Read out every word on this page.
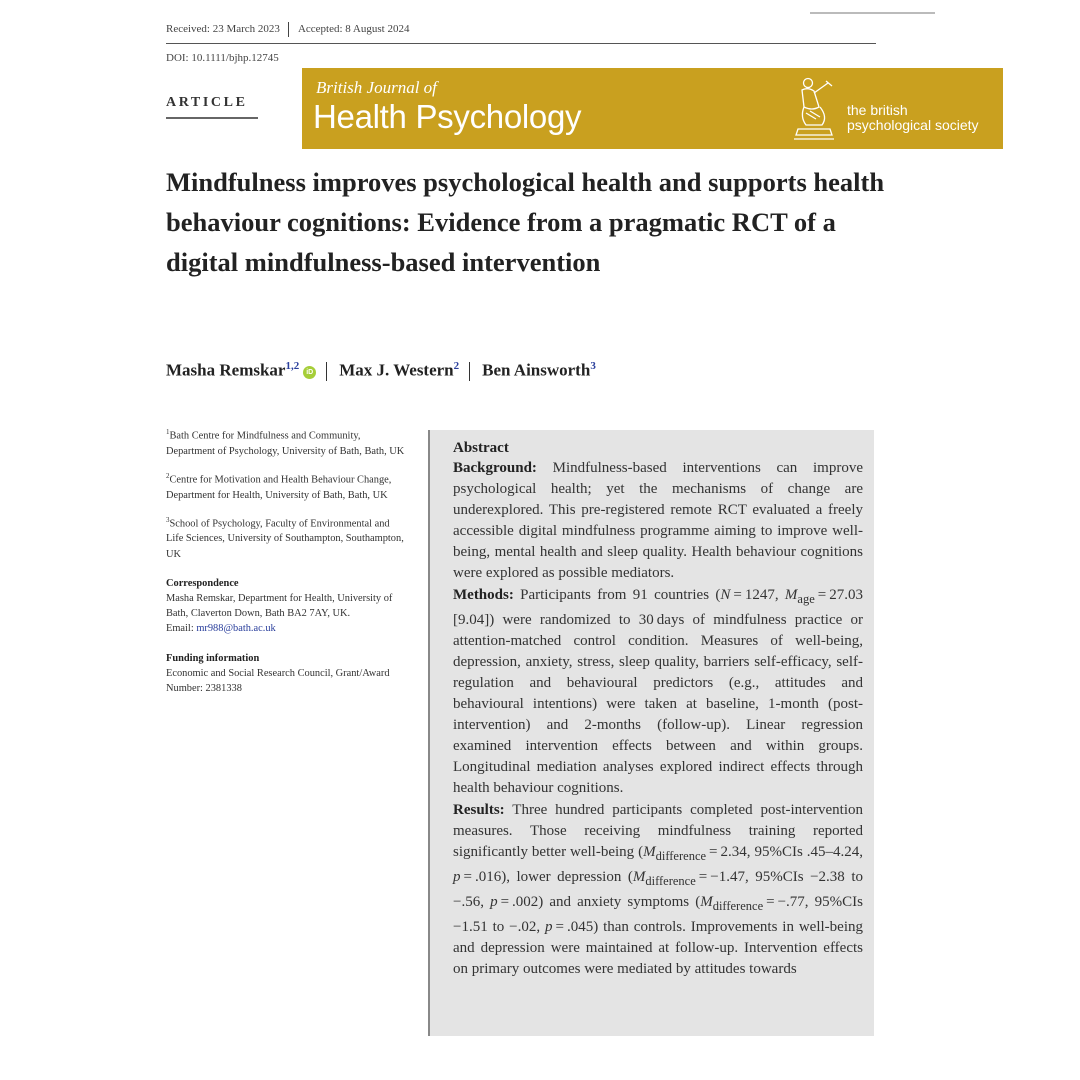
Received: 23 March 2023 Accepted: 8 August 2024
DOI: 10.1111/bjhp.12745
ARTICLE
British Journal of
Health Psychology	the british
psychological society
Mindfulness improves psychological health and supports health behaviour cognitions: Evidence from a pragmatic RCT of a digital mindfulness-based intervention
Masha Remskar$^{1,2}$iD Max J. Western$^2$ Ben Ainsworth$^3$

$^1$Bath Centre for Mindfulness and Community, Department of Psychology, University of Bath, Bath, UK

$^2$Centre for Motivation and Health Behaviour Change, Department for Health, University of Bath, Bath, UK

$^3$School of Psychology, Faculty of Environmental and Life Sciences, University of Southampton, Southampton, UK

Correspondence

Masha Remskar, Department for Health, University of Bath, Claverton Down, Bath BA2 7AY, UK.
Email: mr988@bath.ac.uk

Funding information

Economic and Social Research Council, Grant/Award Number: 2381338

Abstract

Background: Mindfulness-based interventions can improve psychological health; yet the mechanisms of change are underexplored. This pre-registered remote RCT evaluated a freely accessible digital mindfulness programme aiming to improve well-being, mental health and sleep quality. Health behaviour cognitions were explored as possible mediators.

Methods: Participants from 91 countries (N = 1247, $M_{age} = 27.03$ [9.04]) were randomized to 30 days of mindfulness practice or attention-matched control condition. Measures of well-being, depression, anxiety, stress, sleep quality, barriers self-efficacy, self-regulation and behavioural predictors (e.g., attitudes and behavioural intentions) were taken at baseline, 1-month (post-intervention) and 2-months (follow-up). Linear regression examined intervention effects between and within groups. Longitudinal mediation analyses explored indirect effects through health behaviour cognitions.

Results: Three hundred participants completed post-intervention measures. Those receiving mindfulness training reported significantly better well-being ($M_{difference} = 2.34$, 95%CIs .45–4.24, p = .016), lower depression ($M_{difference} = -1.47$, 95%CIs −2.38 to −.56, p = .002) and anxiety symptoms ($M_{difference} = -.77$, 95%CIs −1.51 to −.02, p = .045) than controls. Improvements in well-being and depression were maintained at follow-up. Intervention effects on primary outcomes were mediated by attitudes towards
